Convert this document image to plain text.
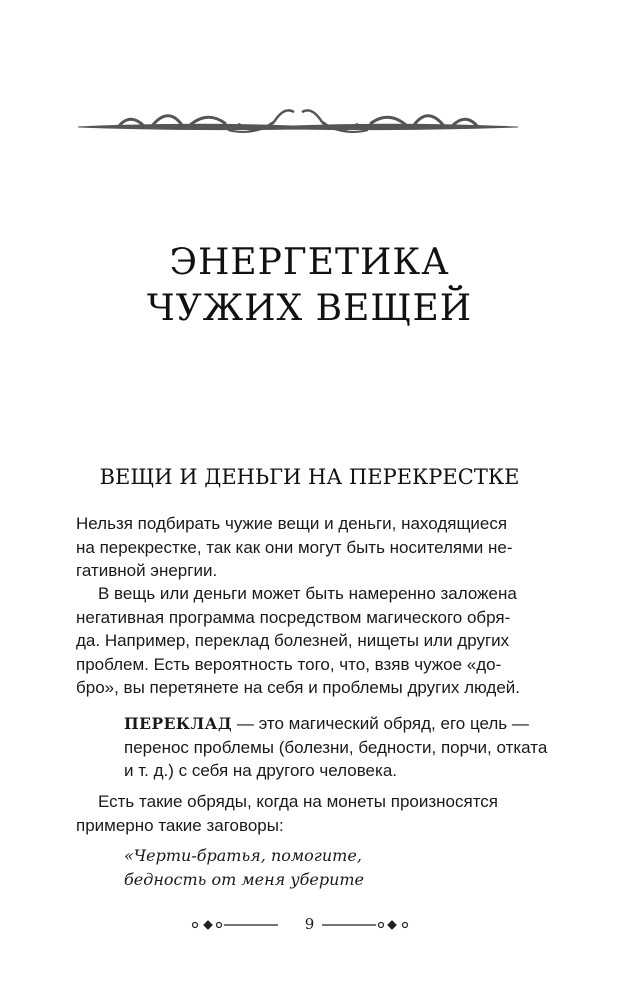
ЭНЕРГЕТИКА
ЧУЖИХ ВЕЩЕЙ
ВЕЩИ И ДЕНЬГИ НА ПЕРЕКРЕСТКЕ
Нельзя подбирать чужие вещи и деньги, находящиеся
на перекрестке, так как они могут быть носителями не-
гативной энергии.
В вещь или деньги может быть намеренно заложена
негативная программа посредством магического обря-
да. Например, переклад болезней, нищеты или других
проблем. Есть вероятность того, что, взяв чужое «до-
бро», вы перетянете на себя и проблемы других людей.
ПЕРЕКЛАД — это магический обряд, его цель —
перенос проблемы (болезни, бедности, порчи, отката
и т. д.) с себя на другого человека.
Есть такие обряды, когда на монеты произносятся
примерно такие заговоры:
«Черти-братья, помогите,
бедность от меня уберите
9
